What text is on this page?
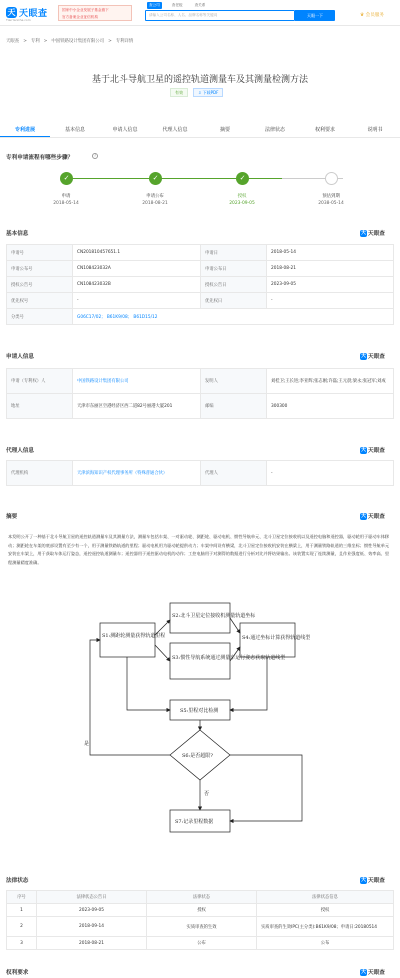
天 天眼查
TianYanCha.com
国家中小企业发展子基金旗下
官方备案企业征信机构
查公司	查老板	查关系
请输入公司名称、人名、品牌名称等关键词	天眼一下	♛ 会员服务
天眼查 > 专利 > 中国铁路设计集团有限公司 > 专利详情
基于北斗导航卫星的遥控轨道测量车及其测量检测方法
有效	⇩ 下载PDF
专利进展	基本信息	申请人信息	代理人信息	摘要	法律状态	权利要求	说明书
专利申请流程有哪些步骤？	?
✓	✓	✓
申请
2018-05-14
申请公布
2018-08-21
授权
2023-09-05
预估到期
2038-05-14
基本信息	天 天眼查
申请号	CN201810457651.1	申请日	2018-05-14
申请公布号	CN108423032A	申请公布日	2018-08-21
授权公告号	CN108423032B	授权公告日	2023-09-05
优先权号	-	优先权日	-
分类号	G06C17/02； B61K9/08； B61D15/12		
申请人信息	天 天眼查
申请（专利权）人	中国铁路设计集团有限公司	发明人	刘桂卫;王长进;李亚辉;张志刚;许磊;王元晨;梁永;张冠军;刘成
地址	天津市东丽区空港经济区西二道82号丽港大厦201	邮编	300300
代理人信息	天 天眼查
代理机构	天津滨海知识产权代理事务所（特殊普通合伙）	代理人	-
摘要	天 天眼查
本发明公开了一种基于北斗导航卫星的遥控轨道测量车及其测量方法，测量车包括车架、一对驱动轮、测距轮、驱动电机、惯性导航单元、北斗卫星定位接收机以及遥控电脑和遥控器，驱动轮用于驱动车体移动；测距轮在车架的底部设置有至少有一个，用于测量铁路轨道的里程；驱动电机用为驱动轮提供动力；车架中间设有横梁，北斗卫星定位接收机安装在横梁上，用于测量铁路轨道的三维坐标；惯性导航单元安装在车架上，用于获取车体运行姿态，遥控遥控轨道测量车；遥控器用于遥控驱动电机的动作；工控电脑用于对测得的数据进行分析对比并将结果输出。该装置实现了连续测量，且作业强度低、效率高、里程测量精度准确。
S1:测距轮测量获得轨道里程
S2:北斗卫星定位接收机测量轨道坐标
S3:惯性导航系统通过测量车运行姿态获取轨道线型
S4:通过坐标计算获得轨道线型
S5:里程对比检测
S6:是否超限?
S7:记录里程数据
是
否
法律状态	天 天眼查
序号	法律状态公告日	法律状态	法律状态信息
1	2023-09-05	授权	授权
2	2018-09-14	实质审查的生效	实质审查的生效IPC(主分类):B61K9/08；申请日:20180514
3	2018-08-21	公布	公布
权利要求	天 天眼查
